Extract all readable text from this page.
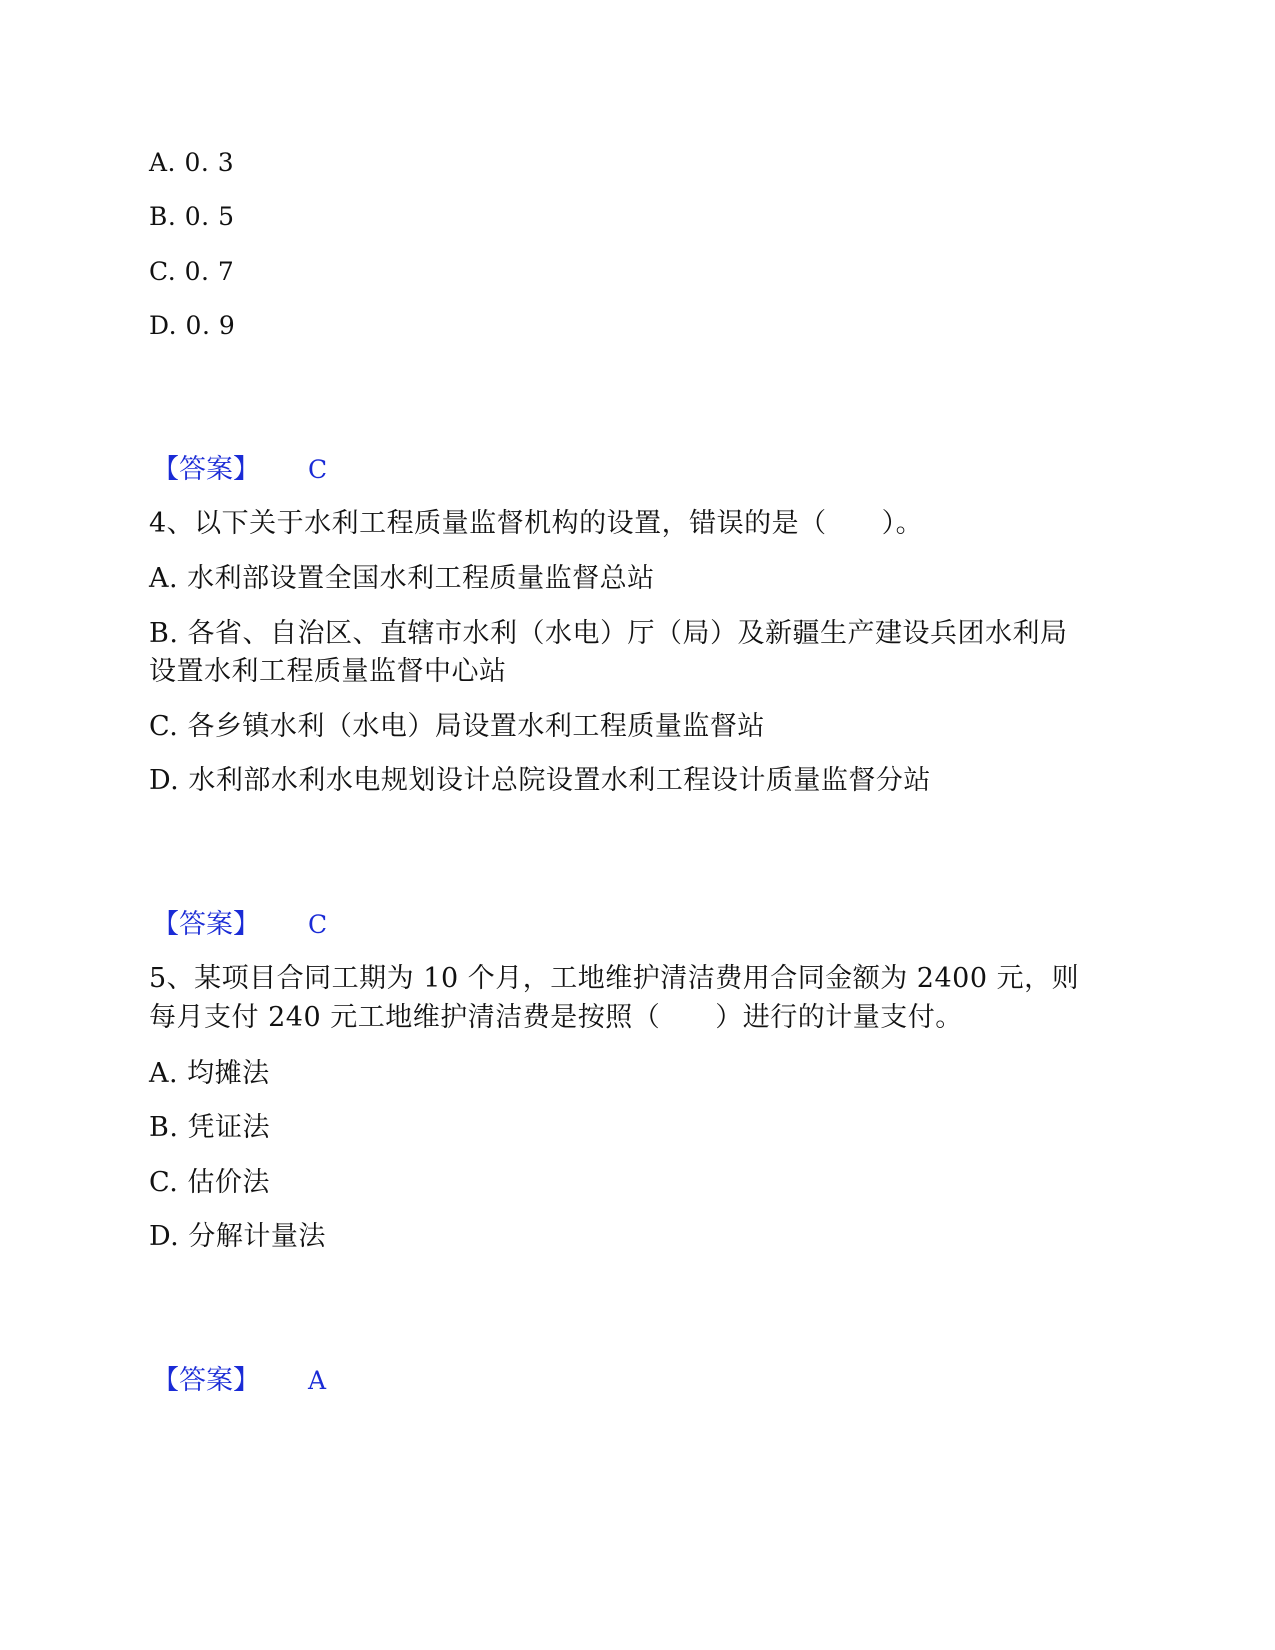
A. 0. 3
B. 0. 5
C. 0. 7
D. 0. 9
【答案】 C
4、以下关于水利工程质量监督机构的设置，错误的是（　　）。
A. 水利部设置全国水利工程质量监督总站
B. 各省、自治区、直辖市水利（水电）厅（局）及新疆生产建设兵团水利局
设置水利工程质量监督中心站
C. 各乡镇水利（水电）局设置水利工程质量监督站
D. 水利部水利水电规划设计总院设置水利工程设计质量监督分站
【答案】 C
5、某项目合同工期为 10 个月，工地维护清洁费用合同金额为 2400 元，则
每月支付 240 元工地维护清洁费是按照（　　）进行的计量支付。
A. 均摊法
B. 凭证法
C. 估价法
D. 分解计量法
【答案】 A
